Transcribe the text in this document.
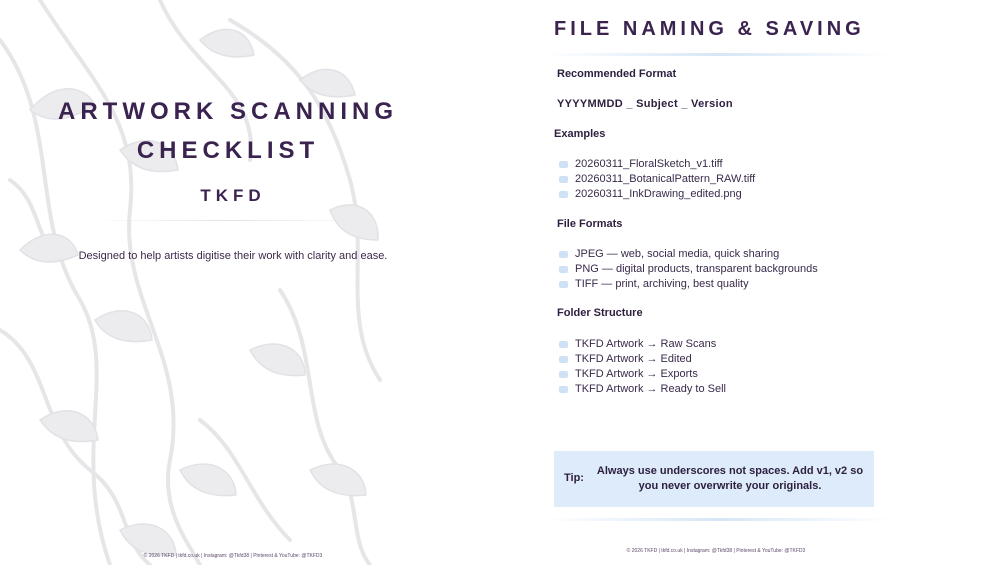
ARTWORK SCANNING
CHECKLIST
TKFD
Designed to help artists digitise their work with clarity and ease.
© 2026 TKFD | tkfd.co.uk | Instagram: @Tkfd38 | Pinterest & YouTube: @TKFD3
FILE NAMING & SAVING
Recommended Format
YYYYMMDD _ Subject _ Version
Examples
20260311_FloralSketch_v1.tiff
20260311_BotanicalPattern_RAW.tiff
20260311_InkDrawing_edited.png
File Formats
JPEG — web, social media, quick sharing
PNG — digital products, transparent backgrounds
TIFF — print, archiving, best quality
Folder Structure
TKFD Artwork → Raw Scans
TKFD Artwork → Edited
TKFD Artwork → Exports
TKFD Artwork → Ready to Sell
Tip:
Always use underscores not spaces. Add v1, v2 so you never overwrite your originals.
© 2026 TKFD | tkfd.co.uk | Instagram: @Tkfd38 | Pinterest & YouTube: @TKFD3
